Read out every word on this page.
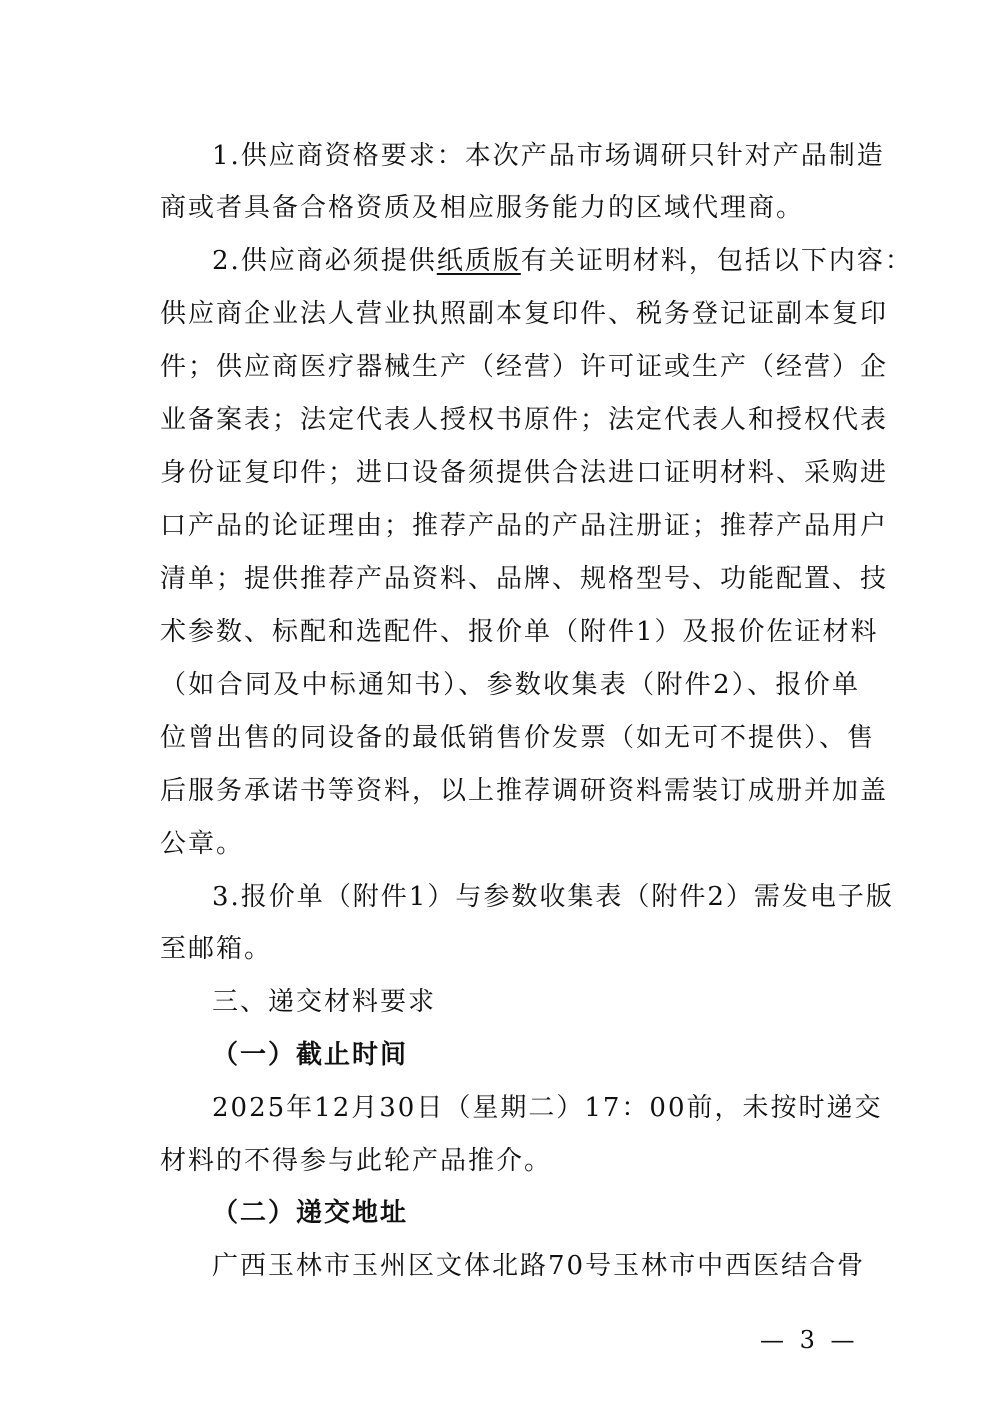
1.供应商资格要求：本次产品市场调研只针对产品制造
商或者具备合格资质及相应服务能力的区域代理商。
2.供应商必须提供纸质版有关证明材料，包括以下内容：
供应商企业法人营业执照副本复印件、税务登记证副本复印
件；供应商医疗器械生产（经营）许可证或生产（经营）企
业备案表；法定代表人授权书原件；法定代表人和授权代表
身份证复印件；进口设备须提供合法进口证明材料、采购进
口产品的论证理由；推荐产品的产品注册证；推荐产品用户
清单；提供推荐产品资料、品牌、规格型号、功能配置、技
术参数、标配和选配件、报价单（附件1）及报价佐证材料
（如合同及中标通知书）、参数收集表（附件2）、报价单
位曾出售的同设备的最低销售价发票（如无可不提供）、售
后服务承诺书等资料，以上推荐调研资料需装订成册并加盖
公章。
3.报价单（附件1）与参数收集表（附件2）需发电子版
至邮箱。
三、递交材料要求
（一）截止时间
2025年12月30日（星期二）17：00前，未按时递交
材料的不得参与此轮产品推介。
（二）递交地址
广西玉林市玉州区文体北路70号玉林市中西医结合骨
— 3 —
